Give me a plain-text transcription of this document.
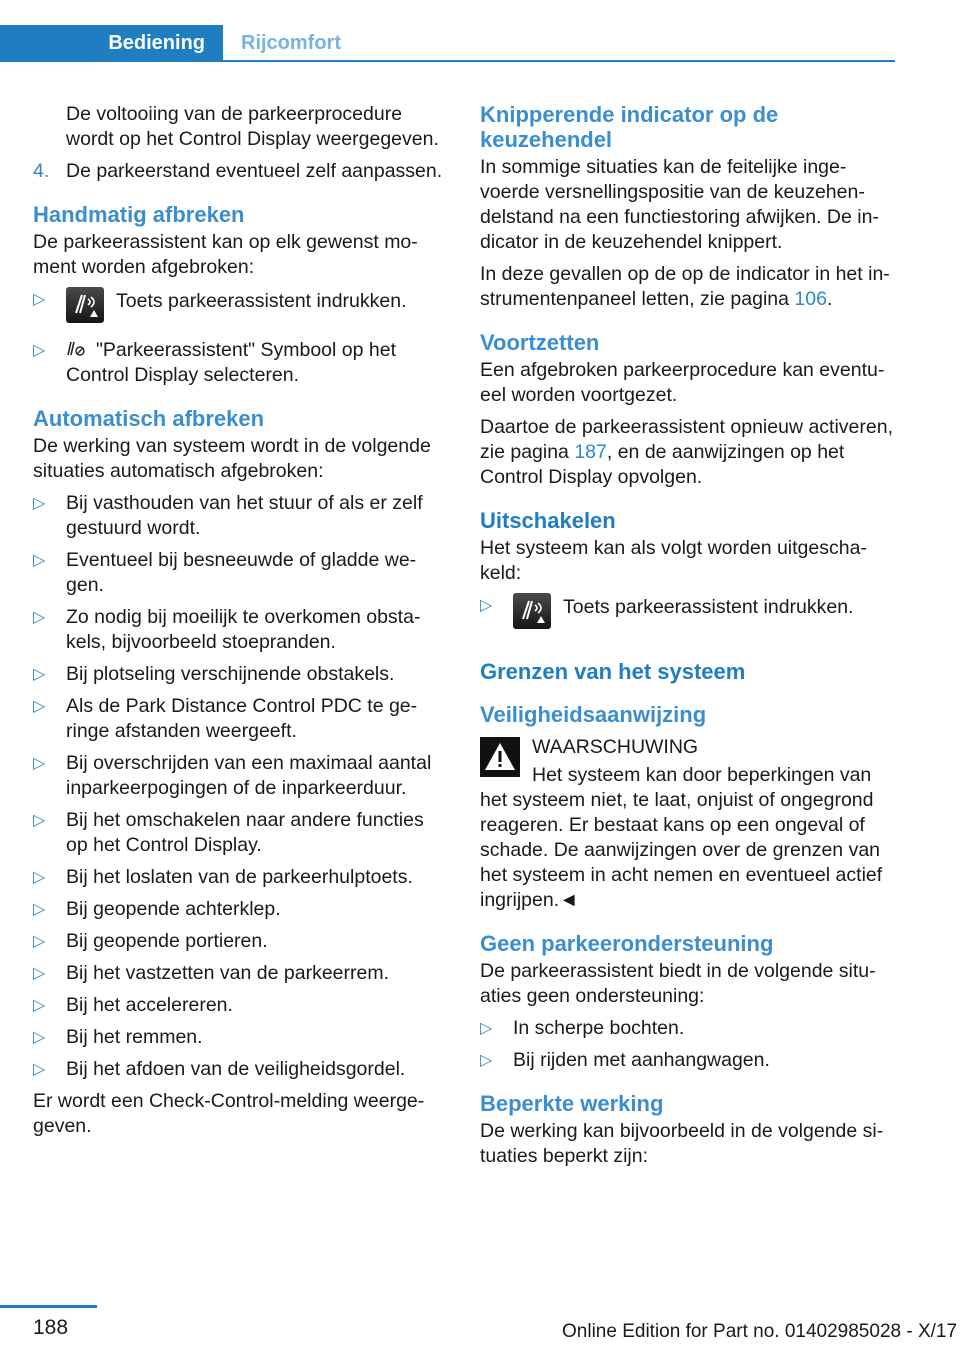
Bediening	Rijcomfort

De voltooiing van de parkeerprocedure wordt op het Control Display weergegeven.

4. De parkeerstand eventueel zelf aanpassen.
Handmatig afbreken

De parkeerassistent kan op elk gewenst moment worden afgebroken:

▷	Toets parkeerassistent indrukken.
▷	"Parkeerassistent" Symbool op het Control Display selecteren.
Automatisch afbreken

De werking van systeem wordt in de volgende situaties automatisch afgebroken:

▷ Bij vasthouden van het stuur of als er zelf gestuurd wordt.
▷ Eventueel bij besneeuwde of gladde wegen.
▷ Zo nodig bij moeilijk te overkomen obstakels, bijvoorbeeld stoepranden.
▷ Bij plotseling verschijnende obstakels.
▷ Als de Park Distance Control PDC te geringe afstanden weergeeft.
▷ Bij overschrijden van een maximaal aantal inparkeerpogingen of de inparkeerduur.
▷ Bij het omschakelen naar andere functies op het Control Display.
▷ Bij het loslaten van de parkeerhulptoets.
▷ Bij geopende achterklep.
▷ Bij geopende portieren.
▷ Bij het vastzetten van de parkeerrem.
▷ Bij het accelereren.
▷ Bij het remmen.
▷ Bij het afdoen van de veiligheidsgordel.

Er wordt een Check-Control-melding weergegeven.

Knipperende indicator op de keuzehendel

In sommige situaties kan de feitelijke ingevoerde versnellingspositie van de keuzehendelstand na een functiestoring afwijken. De indicator in de keuzehendel knippert.

In deze gevallen op de op de indicator in het instrumentenpaneel letten, zie pagina 106.

Voortzetten

Een afgebroken parkeerprocedure kan eventueel worden voortgezet.

Daartoe de parkeerassistent opnieuw activeren, zie pagina 187, en de aanwijzingen op het Control Display opvolgen.

Uitschakelen

Het systeem kan als volgt worden uitgeschakeld:

▷	Toets parkeerassistent indrukken.
Grenzen van het systeem
Veiligheidsaanwijzing

WAARSCHUWING

Het systeem kan door beperkingen van

het systeem niet, te laat, onjuist of ongegrond reageren. Er bestaat kans op een ongeval of schade. De aanwijzingen over de grenzen van het systeem in acht nemen en eventueel actief ingrijpen.◄

Geen parkeerondersteuning

De parkeerassistent biedt in de volgende situaties geen ondersteuning:

▷ In scherpe bochten.
▷ Bij rijden met aanhangwagen.
Beperkte werking

De werking kan bijvoorbeeld in de volgende situaties beperkt zijn:

188	Online Edition for Part no. 01402985028 - X/17
